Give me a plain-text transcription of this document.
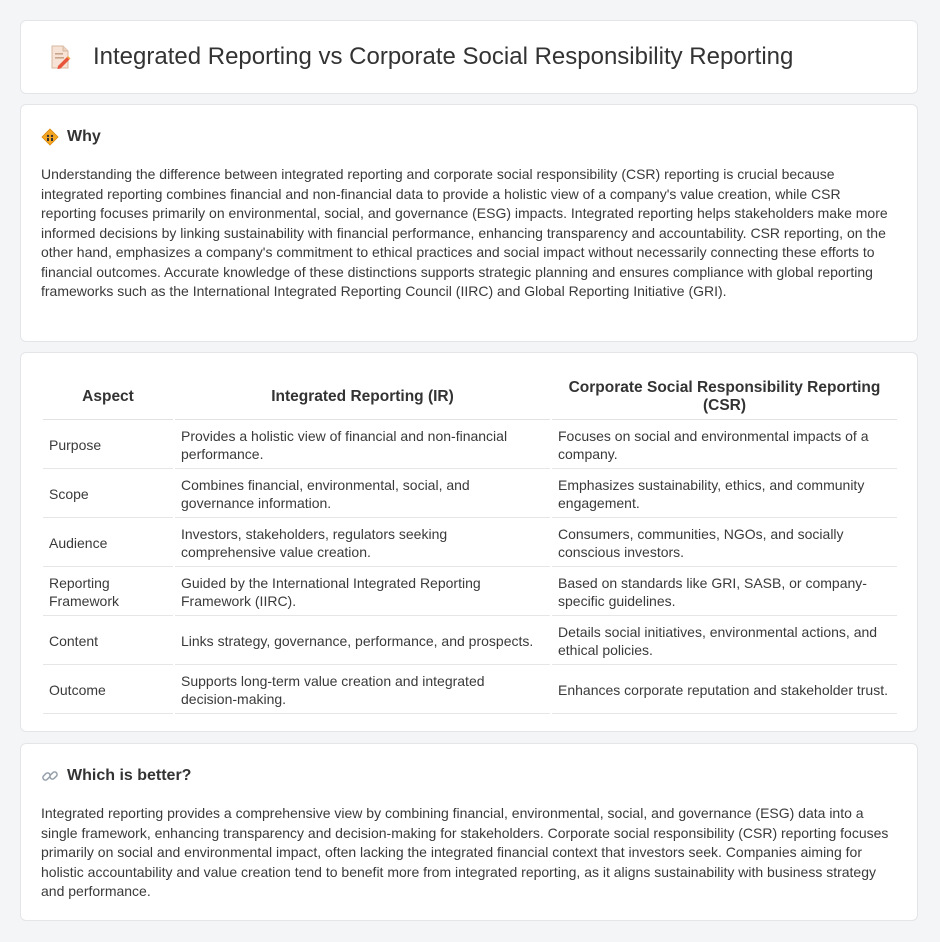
Integrated Reporting vs Corporate Social Responsibility Reporting
Why
Understanding the difference between integrated reporting and corporate social responsibility (CSR) reporting is crucial because integrated reporting combines financial and non-financial data to provide a holistic view of a company's value creation, while CSR reporting focuses primarily on environmental, social, and governance (ESG) impacts. Integrated reporting helps stakeholders make more informed decisions by linking sustainability with financial performance, enhancing transparency and accountability. CSR reporting, on the other hand, emphasizes a company's commitment to ethical practices and social impact without necessarily connecting these efforts to financial outcomes. Accurate knowledge of these distinctions supports strategic planning and ensures compliance with global reporting frameworks such as the International Integrated Reporting Council (IIRC) and Global Reporting Initiative (GRI).
Aspect	Integrated Reporting (IR)	Corporate Social Responsibility Reporting (CSR)
Purpose	Provides a holistic view of financial and non-financial performance.	Focuses on social and environmental impacts of a company.
Scope	Combines financial, environmental, social, and governance information.	Emphasizes sustainability, ethics, and community engagement.
Audience	Investors, stakeholders, regulators seeking comprehensive value creation.	Consumers, communities, NGOs, and socially conscious investors.
Reporting Framework	Guided by the International Integrated Reporting Framework (IIRC).	Based on standards like GRI, SASB, or company-specific guidelines.
Content	Links strategy, governance, performance, and prospects.	Details social initiatives, environmental actions, and ethical policies.
Outcome	Supports long-term value creation and integrated decision-making.	Enhances corporate reputation and stakeholder trust.
Which is better?
Integrated reporting provides a comprehensive view by combining financial, environmental, social, and governance (ESG) data into a single framework, enhancing transparency and decision-making for stakeholders. Corporate social responsibility (CSR) reporting focuses primarily on social and environmental impact, often lacking the integrated financial context that investors seek. Companies aiming for holistic accountability and value creation tend to benefit more from integrated reporting, as it aligns sustainability with business strategy and performance.
